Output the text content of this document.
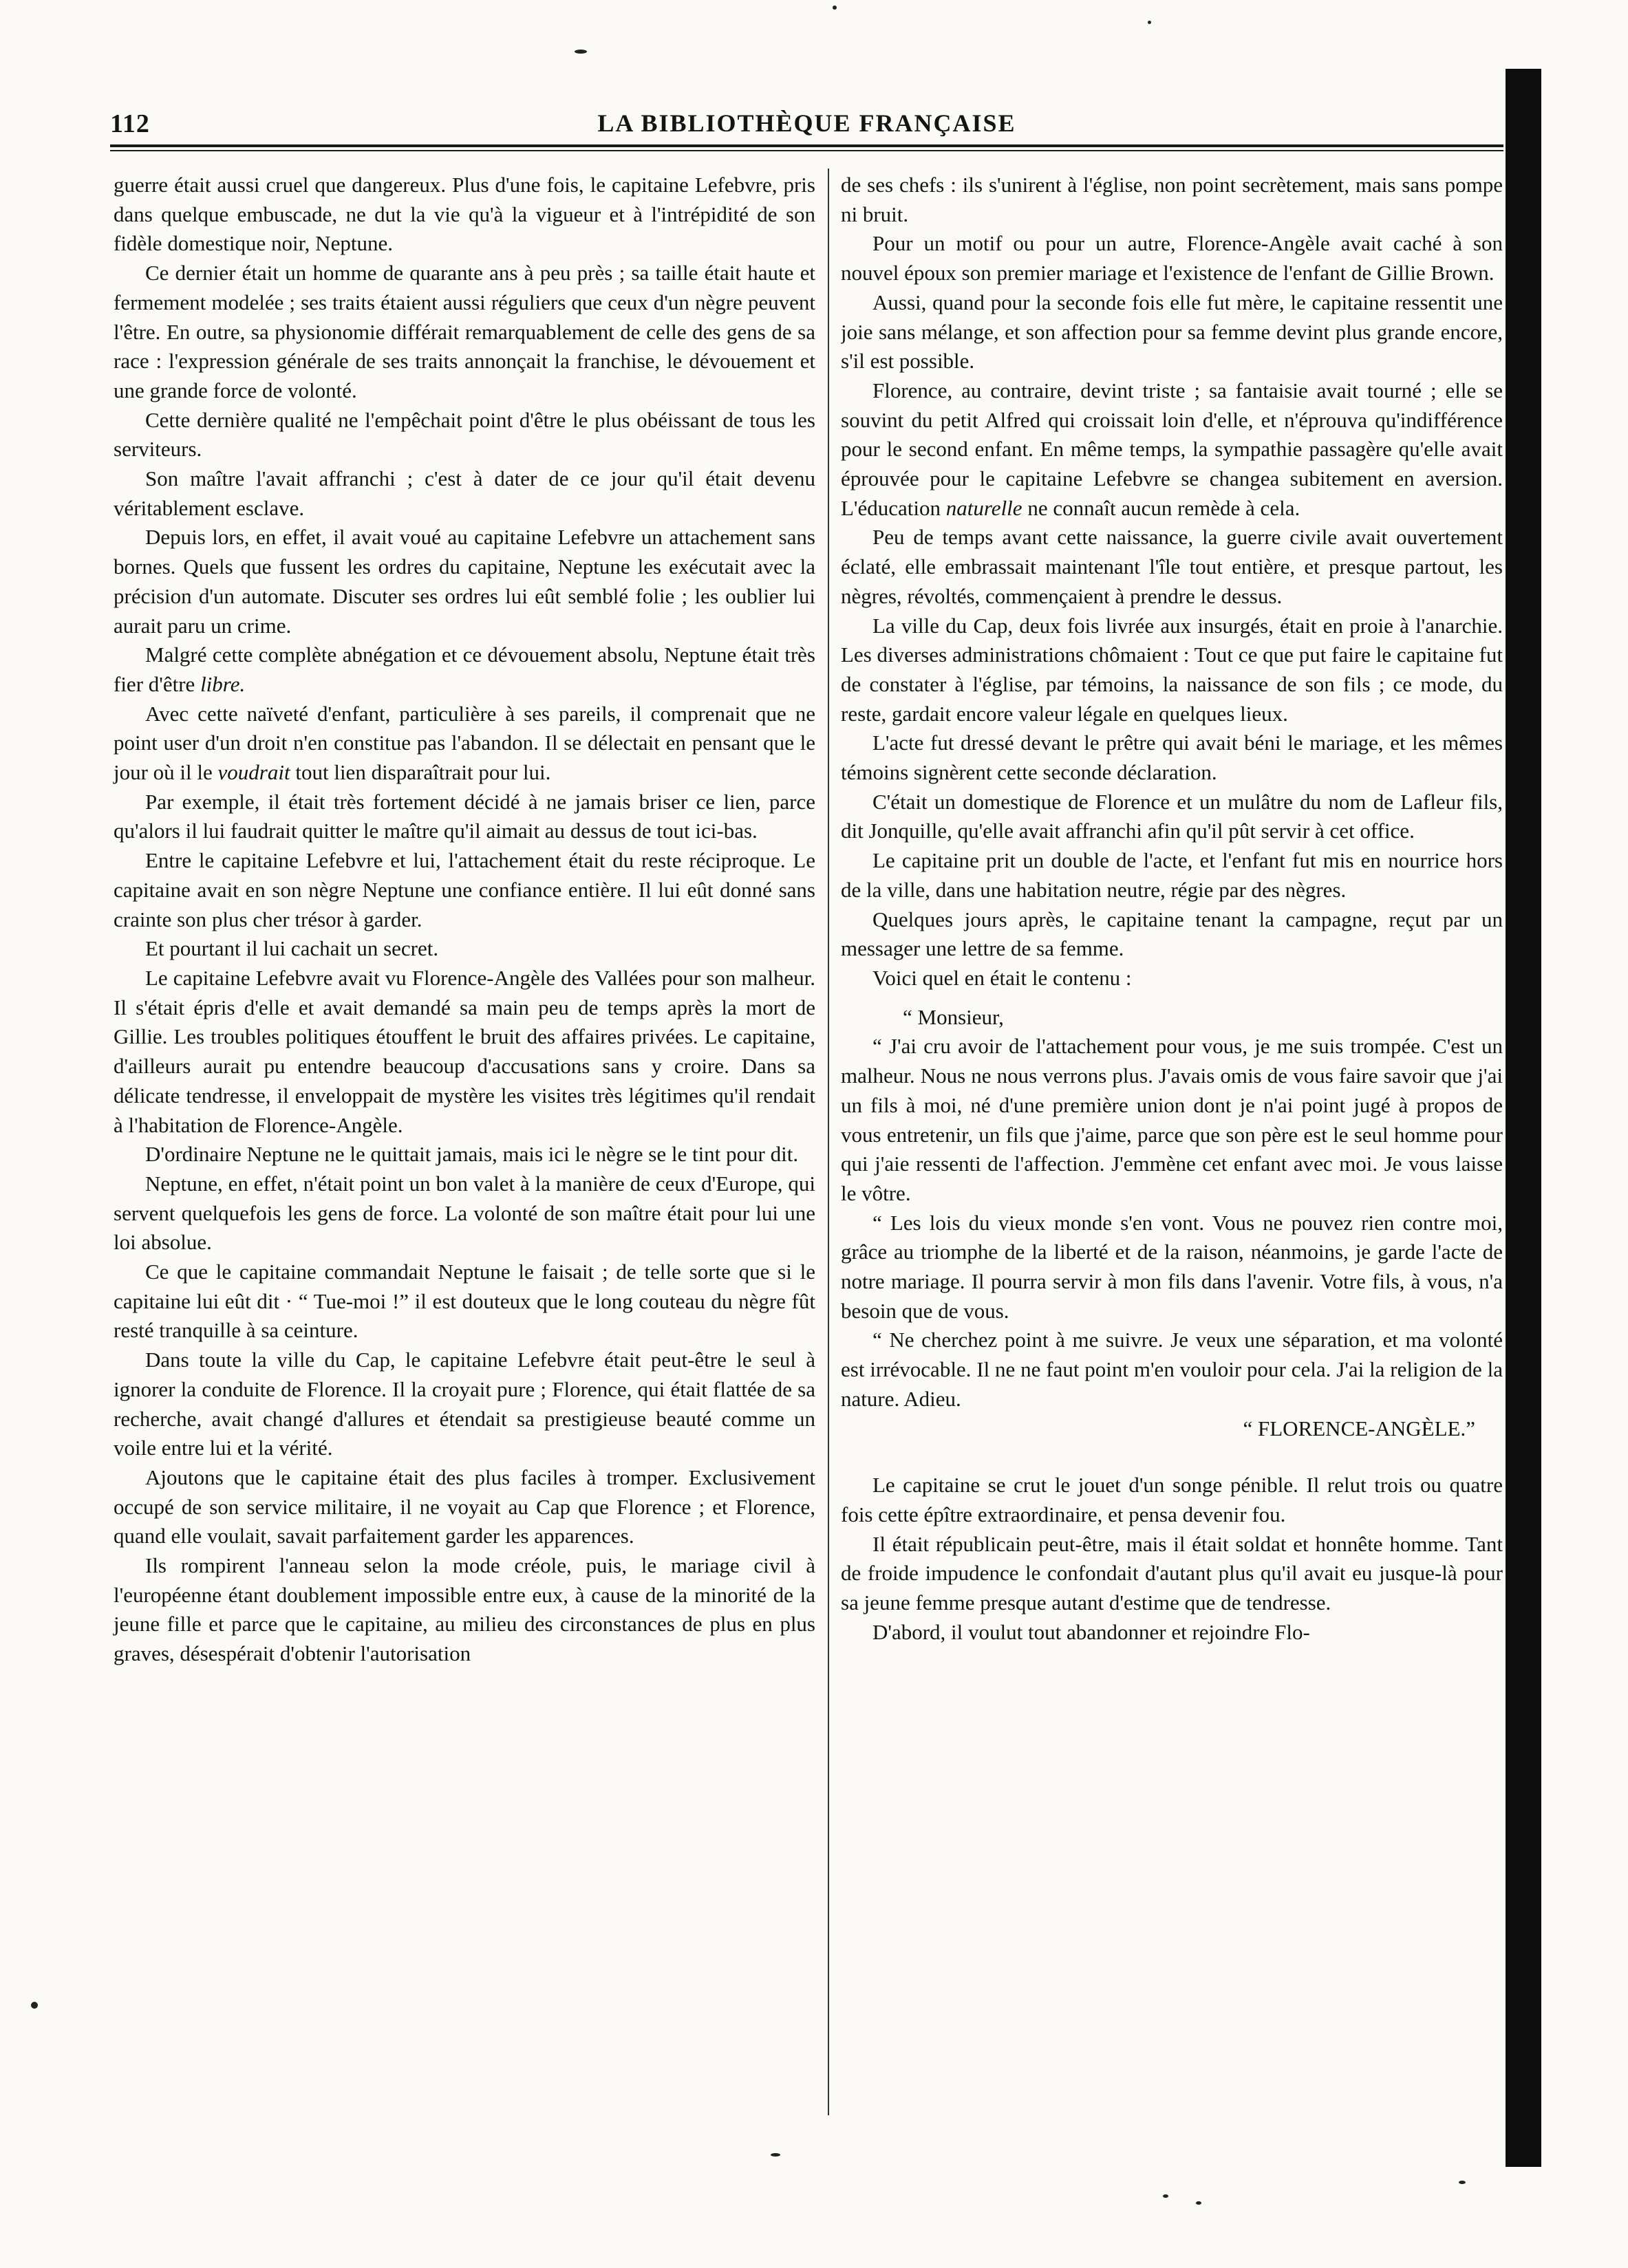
112	LA BIBLIOTHÈQUE FRANÇAISE

guerre était aussi cruel que dangereux. Plus d'une fois, le capitaine Lefebvre, pris dans quelque embuscade, ne dut la vie qu'à la vigueur et à l'intrépidité de son fidèle domestique noir, Neptune.

Ce dernier était un homme de quarante ans à peu près ; sa taille était haute et fermement modelée ; ses traits étaient aussi réguliers que ceux d'un nègre peuvent l'être. En outre, sa physionomie différait remarquablement de celle des gens de sa race : l'expression générale de ses traits annonçait la franchise, le dévouement et une grande force de volonté.

Cette dernière qualité ne l'empêchait point d'être le plus obéissant de tous les serviteurs.

Son maître l'avait affranchi ; c'est à dater de ce jour qu'il était devenu véritablement esclave.

Depuis lors, en effet, il avait voué au capitaine Lefebvre un attachement sans bornes. Quels que fussent les ordres du capitaine, Neptune les exécutait avec la précision d'un automate. Discuter ses ordres lui eût semblé folie ; les oublier lui aurait paru un crime.

Malgré cette complète abnégation et ce dévouement absolu, Neptune était très fier d'être libre.

Avec cette naïveté d'enfant, particulière à ses pareils, il comprenait que ne point user d'un droit n'en constitue pas l'abandon. Il se délectait en pensant que le jour où il le voudrait tout lien disparaîtrait pour lui.

Par exemple, il était très fortement décidé à ne jamais briser ce lien, parce qu'alors il lui faudrait quitter le maître qu'il aimait au dessus de tout ici-bas.

Entre le capitaine Lefebvre et lui, l'attachement était du reste réciproque. Le capitaine avait en son nègre Neptune une confiance entière. Il lui eût donné sans crainte son plus cher trésor à garder.

Et pourtant il lui cachait un secret.

Le capitaine Lefebvre avait vu Florence-Angèle des Vallées pour son malheur. Il s'était épris d'elle et avait demandé sa main peu de temps après la mort de Gillie. Les troubles politiques étouffent le bruit des affaires privées. Le capitaine, d'ailleurs aurait pu entendre beaucoup d'accusations sans y croire. Dans sa délicate tendresse, il enveloppait de mystère les visites très légitimes qu'il rendait à l'habitation de Florence-Angèle.

D'ordinaire Neptune ne le quittait jamais, mais ici le nègre se le tint pour dit.

Neptune, en effet, n'était point un bon valet à la manière de ceux d'Europe, qui servent quelquefois les gens de force. La volonté de son maître était pour lui une loi absolue.

Ce que le capitaine commandait Neptune le faisait ; de telle sorte que si le capitaine lui eût dit · “ Tue-moi !” il est douteux que le long couteau du nègre fût resté tranquille à sa ceinture.

Dans toute la ville du Cap, le capitaine Lefebvre était peut-être le seul à ignorer la conduite de Florence. Il la croyait pure ; Florence, qui était flattée de sa recherche, avait changé d'allures et étendait sa prestigieuse beauté comme un voile entre lui et la vérité.

Ajoutons que le capitaine était des plus faciles à tromper. Exclusivement occupé de son service militaire, il ne voyait au Cap que Florence ; et Florence, quand elle voulait, savait parfaitement garder les apparences.

Ils rompirent l'anneau selon la mode créole, puis, le mariage civil à l'européenne étant doublement impossible entre eux, à cause de la minorité de la jeune fille et parce que le capitaine, au milieu des circonstances de plus en plus graves, désespérait d'obtenir l'autorisation

de ses chefs : ils s'unirent à l'église, non point secrètement, mais sans pompe ni bruit.

Pour un motif ou pour un autre, Florence-Angèle avait caché à son nouvel époux son premier mariage et l'existence de l'enfant de Gillie Brown.

Aussi, quand pour la seconde fois elle fut mère, le capitaine ressentit une joie sans mélange, et son affection pour sa femme devint plus grande encore, s'il est possible.

Florence, au contraire, devint triste ; sa fantaisie avait tourné ; elle se souvint du petit Alfred qui croissait loin d'elle, et n'éprouva qu'indifférence pour le second enfant. En même temps, la sympathie passagère qu'elle avait éprouvée pour le capitaine Lefebvre se changea subitement en aversion. L'éducation naturelle ne connaît aucun remède à cela.

Peu de temps avant cette naissance, la guerre civile avait ouvertement éclaté, elle embrassait maintenant l'île tout entière, et presque partout, les nègres, révoltés, commençaient à prendre le dessus.

La ville du Cap, deux fois livrée aux insurgés, était en proie à l'anarchie. Les diverses administrations chômaient : Tout ce que put faire le capitaine fut de constater à l'église, par témoins, la naissance de son fils ; ce mode, du reste, gardait encore valeur légale en quelques lieux.

L'acte fut dressé devant le prêtre qui avait béni le mariage, et les mêmes témoins signèrent cette seconde déclaration.

C'était un domestique de Florence et un mulâtre du nom de Lafleur fils, dit Jonquille, qu'elle avait affranchi afin qu'il pût servir à cet office.

Le capitaine prit un double de l'acte, et l'enfant fut mis en nourrice hors de la ville, dans une habitation neutre, régie par des nègres.

Quelques jours après, le capitaine tenant la campagne, reçut par un messager une lettre de sa femme.

Voici quel en était le contenu :

“ Monsieur,

“ J'ai cru avoir de l'attachement pour vous, je me suis trompée. C'est un malheur. Nous ne nous verrons plus. J'avais omis de vous faire savoir que j'ai un fils à moi, né d'une première union dont je n'ai point jugé à propos de vous entretenir, un fils que j'aime, parce que son père est le seul homme pour qui j'aie ressenti de l'affection. J'emmène cet enfant avec moi. Je vous laisse le vôtre.

“ Les lois du vieux monde s'en vont. Vous ne pouvez rien contre moi, grâce au triomphe de la liberté et de la raison, néanmoins, je garde l'acte de notre mariage. Il pourra servir à mon fils dans l'avenir. Votre fils, à vous, n'a besoin que de vous.

“ Ne cherchez point à me suivre. Je veux une séparation, et ma volonté est irrévocable. Il ne ne faut point m'en vouloir pour cela. J'ai la religion de la nature. Adieu.

“ FLORENCE-ANGÈLE.”

Le capitaine se crut le jouet d'un songe pénible. Il relut trois ou quatre fois cette épître extraordinaire, et pensa devenir fou.

Il était républicain peut-être, mais il était soldat et honnête homme. Tant de froide impudence le confondait d'autant plus qu'il avait eu jusque-là pour sa jeune femme presque autant d'estime que de tendresse.

D'abord, il voulut tout abandonner et rejoindre Flo-
